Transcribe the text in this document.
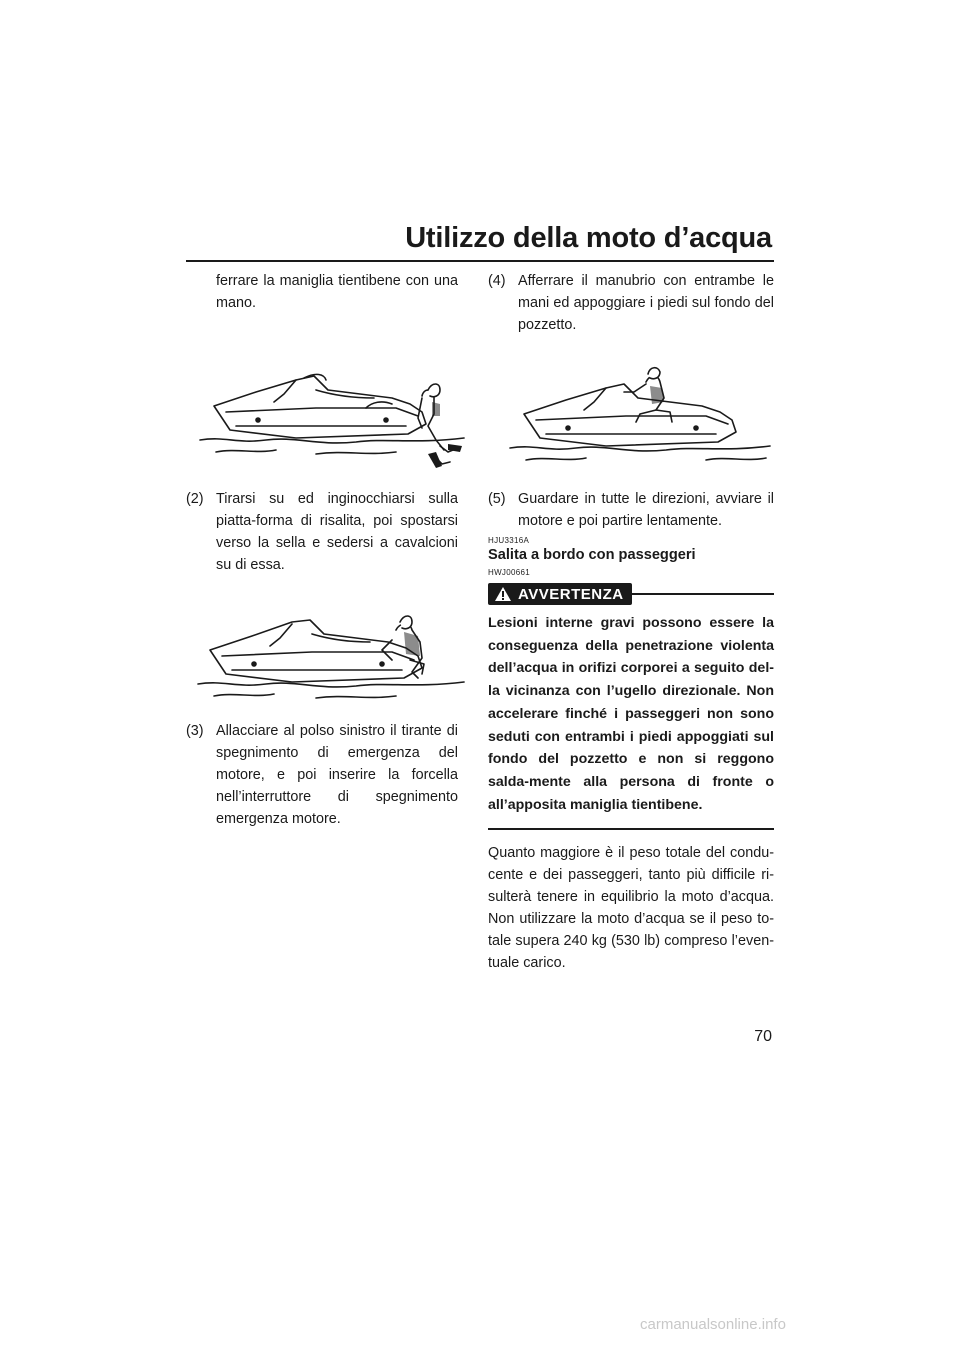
Utilizzo della moto d’acqua

ferrare la maniglia tientibene con una mano.

(2) Tirarsi su ed inginocchiarsi sulla piatta-forma di risalita, poi spostarsi verso la sella e sedersi a cavalcioni su di essa.
(3) Allacciare al polso sinistro il tirante di spegnimento di emergenza del motore, e poi inserire la forcella nell’interruttore di spegnimento emergenza motore.
(4) Afferrare il manubrio con entrambe le mani ed appoggiare i piedi sul fondo del pozzetto.
(5) Guardare in tutte le direzioni, avviare il motore e poi partire lentamente.
HJU3316A
Salita a bordo con passeggeri
HWJ00661
AVVERTENZA
Lesioni interne gravi possono essere la conseguenza della penetrazione violenta dell’acqua in orifizi corporei a seguito del-la vicinanza con l’ugello direzionale. Non accelerare finché i passeggeri non sono seduti con entrambi i piedi appoggiati sul fondo del pozzetto e non si reggono salda-mente alla persona di fronte o all’apposita maniglia tientibene.
Quanto maggiore è il peso totale del condu-cente e dei passeggeri, tanto più difficile ri-sulterà tenere in equilibrio la moto d’acqua. Non utilizzare la moto d’acqua se il peso to-tale supera 240 kg (530 lb) compreso l’even-tuale carico.
70
carmanualsonline.info
